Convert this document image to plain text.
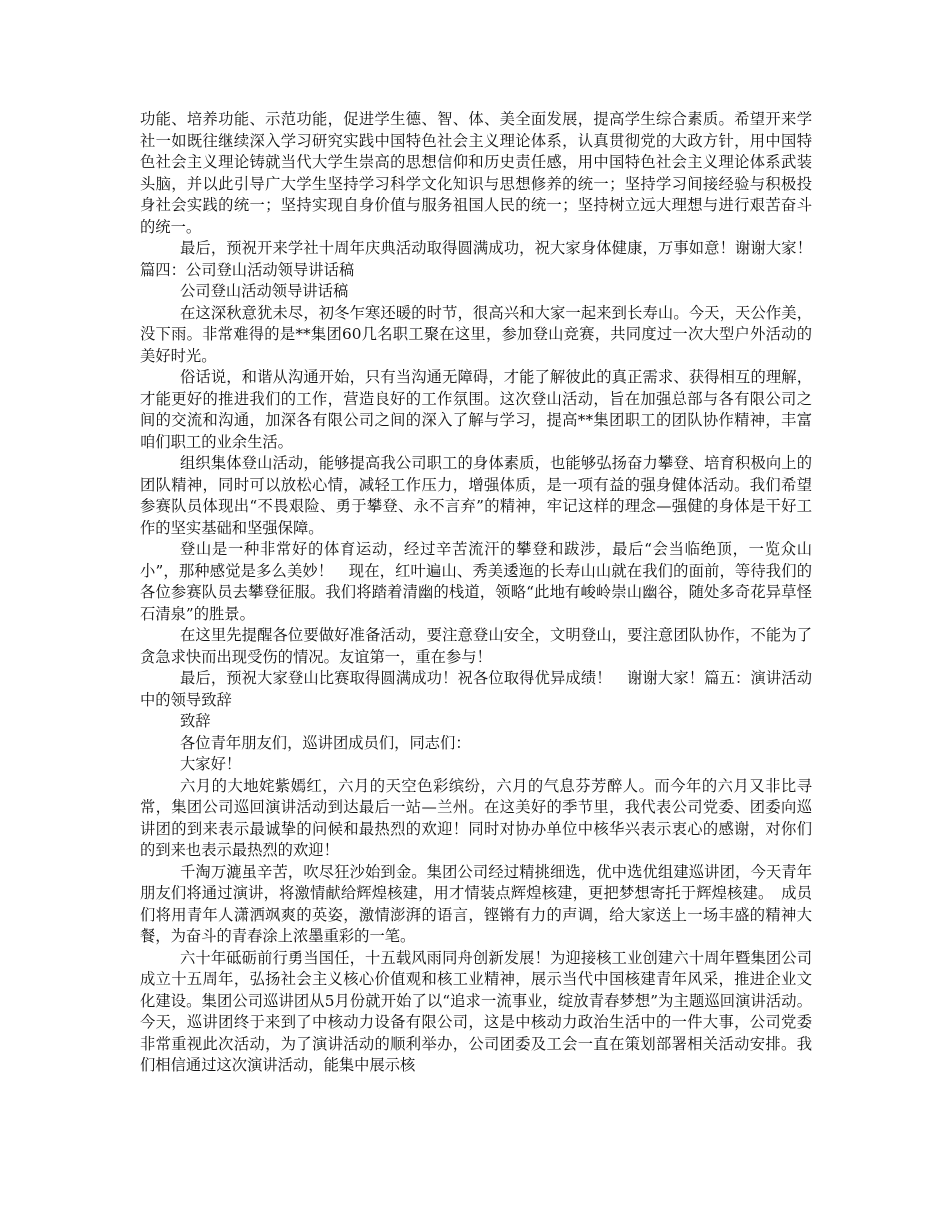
功能、培养功能、示范功能，促进学生德、智、体、美全面发展，提高学生综合素质。希望开来学社一如既往继续深入学习研究实践中国特色社会主义理论体系，认真贯彻党的大政方针，用中国特色社会主义理论铸就当代大学生崇高的思想信仰和历史责任感，用中国特色社会主义理论体系武装头脑，并以此引导广大学生坚持学习科学文化知识与思想修养的统一；坚持学习间接经验与积极投身社会实践的统一；坚持实现自身价值与服务祖国人民的统一；坚持树立远大理想与进行艰苦奋斗的统一。

最后，预祝开来学社十周年庆典活动取得圆满成功，祝大家身体健康，万事如意！谢谢大家！篇四：公司登山活动领导讲话稿

公司登山活动领导讲话稿

在这深秋意犹未尽，初冬乍寒还暖的时节，很高兴和大家一起来到长寿山。今天，天公作美，没下雨。非常难得的是**集团60几名职工聚在这里，参加登山竞赛，共同度过一次大型户外活动的美好时光。

俗话说，和谐从沟通开始，只有当沟通无障碍，才能了解彼此的真正需求、获得相互的理解，才能更好的推进我们的工作，营造良好的工作氛围。这次登山活动，旨在加强总部与各有限公司之间的交流和沟通，加深各有限公司之间的深入了解与学习，提高**集团职工的团队协作精神，丰富咱们职工的业余生活。

组织集体登山活动，能够提高我公司职工的身体素质，也能够弘扬奋力攀登、培育积极向上的团队精神，同时可以放松心情，减轻工作压力，增强体质，是一项有益的强身健体活动。我们希望参赛队员体现出“不畏艰险、勇于攀登、永不言弃”的精神，牢记这样的理念—强健的身体是干好工作的坚实基础和坚强保障。

登山是一种非常好的体育运动，经过辛苦流汗的攀登和跋涉，最后“会当临绝顶，一览众山小”，那种感觉是多么美妙！　现在，红叶遍山、秀美逶迤的长寿山山就在我们的面前，等待我们的各位参赛队员去攀登征服。我们将踏着清幽的栈道，领略“此地有峻岭崇山幽谷，随处多奇花异草怪石清泉”的胜景。

在这里先提醒各位要做好准备活动，要注意登山安全，文明登山，要注意团队协作，不能为了贪急求快而出现受伤的情况。友谊第一，重在参与！

最后，预祝大家登山比赛取得圆满成功！祝各位取得优异成绩！　谢谢大家！篇五：演讲活动中的领导致辞

致辞

各位青年朋友们，巡讲团成员们，同志们：

大家好！

六月的大地姹紫嫣红，六月的天空色彩缤纷，六月的气息芬芳醉人。而今年的六月又非比寻常，集团公司巡回演讲活动到达最后一站—兰州。在这美好的季节里，我代表公司党委、团委向巡讲团的到来表示最诚挚的问候和最热烈的欢迎！同时对协办单位中核华兴表示衷心的感谢，对你们的到来也表示最热烈的欢迎！

千淘万漉虽辛苦，吹尽狂沙始到金。集团公司经过精挑细选，优中选优组建巡讲团，今天青年朋友们将通过演讲，将激情献给辉煌核建，用才情装点辉煌核建，更把梦想寄托于辉煌核建。　成员们将用青年人潇洒飒爽的英姿，激情澎湃的语言，铿锵有力的声调，给大家送上一场丰盛的精神大餐，为奋斗的青春涂上浓墨重彩的一笔。

六十年砥砺前行勇当国任，十五载风雨同舟创新发展！为迎接核工业创建六十周年暨集团公司成立十五周年，弘扬社会主义核心价值观和核工业精神，展示当代中国核建青年风采，推进企业文化建设。集团公司巡讲团从5月份就开始了以“追求一流事业，绽放青春梦想”为主题巡回演讲活动。今天，巡讲团终于来到了中核动力设备有限公司，这是中核动力政治生活中的一件大事，公司党委非常重视此次活动，为了演讲活动的顺利举办，公司团委及工会一直在策划部署相关活动安排。我们相信通过这次演讲活动，能集中展示核
